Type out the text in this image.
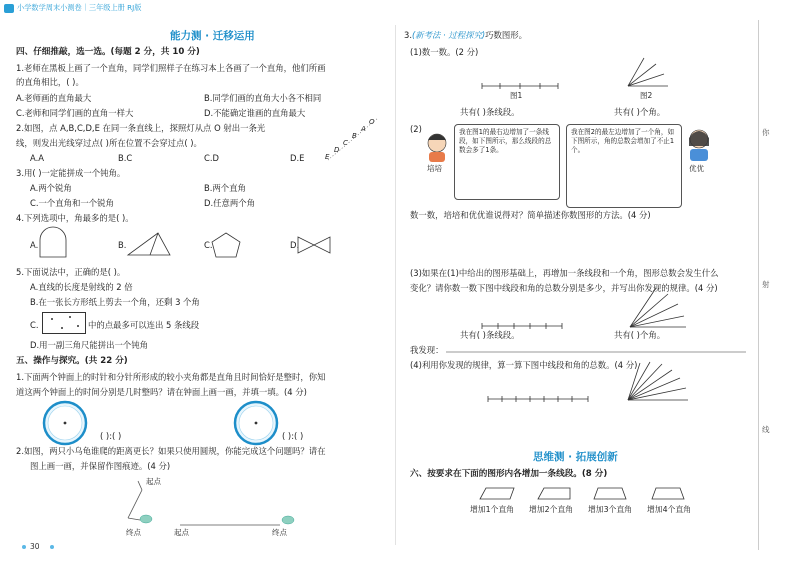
小学数学周末小测卷｜三年级上册 RJ版
能力测 · 迁移运用
四、仔细推敲，选一选。(每题 2 分，共 10 分)
1.老师在黑板上画了一个直角，同学们照样子在练习本上各画了一个直角，他们所画
的直角相比，( )。
A.老师画的直角最大	B.同学们画的直角大小各不相同
C.老师和同学们画的直角一样大	D.不能确定谁画的直角最大
2.如图，点 A,B,C,D,E 在同一条直线上，探照灯从点 O 射出一条光
线，则发出光线穿过点( )所在位置不会穿过点( )。
A.A	B.C	C.D	D.E	E
D
C
B
A
O
3.用( )一定能拼成一个钝角。
A.两个锐角	B.两个直角
C.一个直角和一个锐角	D.任意两个角
4.下列选项中，角最多的是( )。
A.	B.	C.	D.
5.下面说法中，正确的是( )。
A.直线的长度是射线的 2 倍
B.在一张长方形纸上剪去一个角，还剩 3 个角
C.	中的点最多可以连出 5 条线段
D.用一副三角尺能拼出一个钝角
五、操作与探究。(共 22 分)
1.下面两个钟面上的时针和分针所形成的较小夹角都是直角且时间恰好是整时，你知
道这两个钟面上的时间分别是几时整吗？请在钟面上画一画，并填一填。(4 分)
( ):( )	( ):( )
2.如图，两只小乌龟谁爬的距离更长？如果只使用圆规，你能完成这个问题吗？请在
图上画一画，并保留作图痕迹。(4 分)
起点
终点	起点	终点
30
3.(新考法 · 过程探究)巧数图形。
(1)数一数。(2 分)
图1	图2
共有( )条线段。	共有( )个角。
(2)	我在图1的最右边增加了一条线段，如下图所示，那么线段的总数会多了1条。
我在图2的最左边增加了一个角，如下图所示，角的总数会增加了不止1个。
培培	优优
数一数，培培和优优谁说得对？简单描述你数图形的方法。(4 分)
(3)如果在(1)中给出的图形基础上，再增加一条线段和一个角，图形总数会发生什么
变化？请你数一数下图中线段和角的总数分别是多少，并写出你发现的规律。(4 分)
共有( )条线段。	共有( )个角。
我发现：
(4)利用你发现的规律，算一算下图中线段和角的总数。(4 分)
思维测 · 拓展创新
六、按要求在下面的图形内各增加一条线段。(8 分)
增加1个直角 增加2个直角 增加3个直角 增加4个直角
你
射
线
